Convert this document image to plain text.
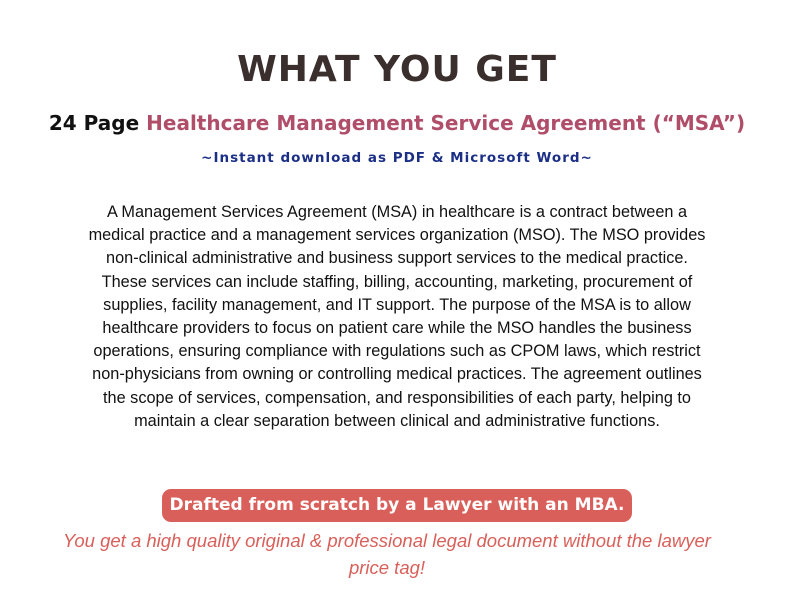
WHAT YOU GET
24 Page Healthcare Management Service Agreement (“MSA”)
~Instant download as PDF & Microsoft Word~
A Management Services Agreement (MSA) in healthcare is a contract between a medical practice and a management services organization (MSO). The MSO provides non-clinical administrative and business support services to the medical practice. These services can include staffing, billing, accounting, marketing, procurement of supplies, facility management, and IT support. The purpose of the MSA is to allow healthcare providers to focus on patient care while the MSO handles the business operations, ensuring compliance with regulations such as CPOM laws, which restrict non-physicians from owning or controlling medical practices. The agreement outlines the scope of services, compensation, and responsibilities of each party, helping to maintain a clear separation between clinical and administrative functions.
Drafted from scratch by a Lawyer with an MBA.
You get a high quality original & professional legal document without the lawyer price tag!
